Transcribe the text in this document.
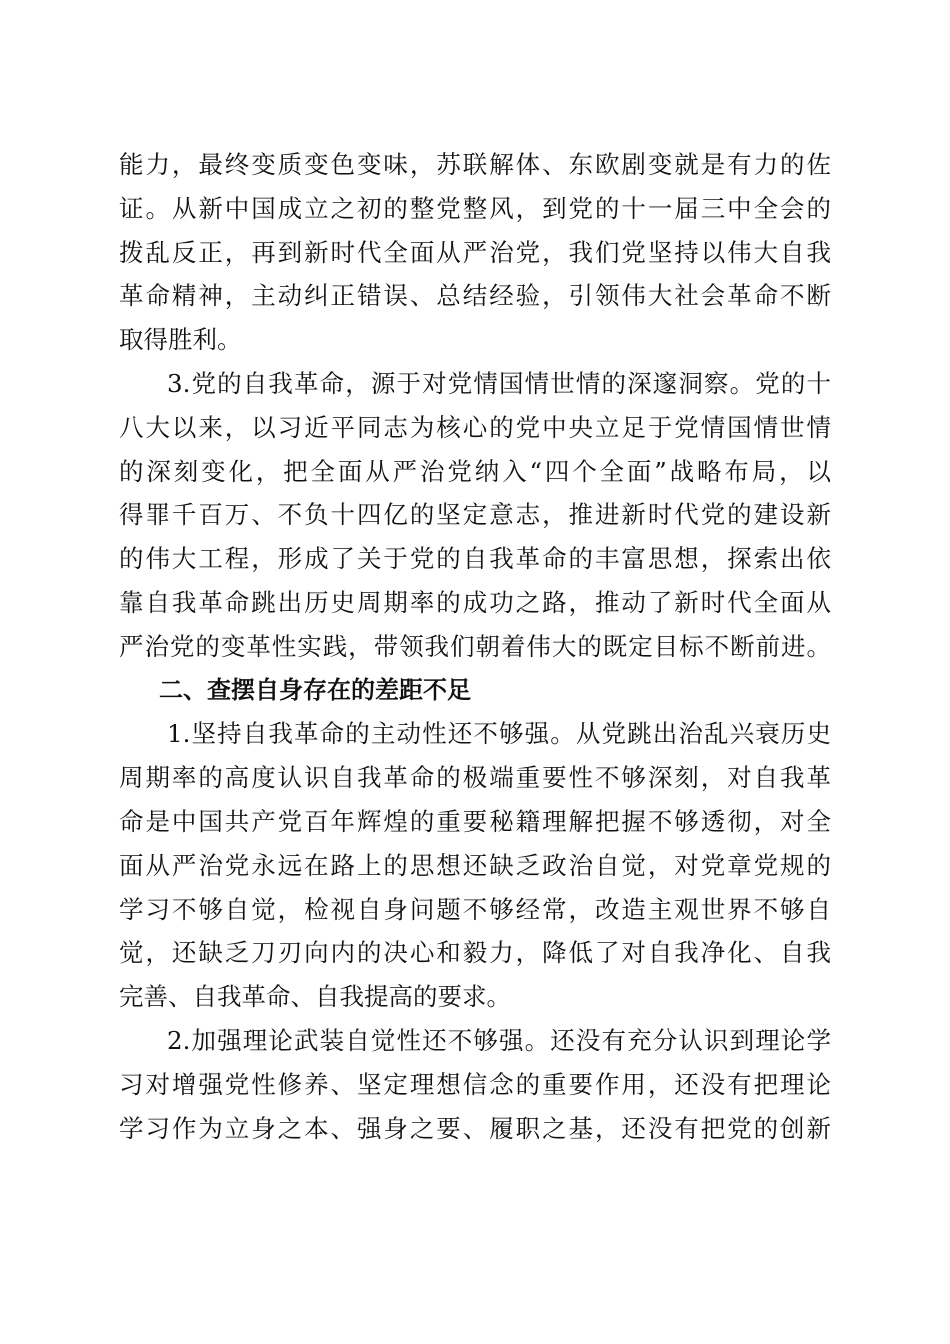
能力，最终变质变色变味，苏联解体、东欧剧变就是有力的佐
证。从新中国成立之初的整党整风，到党的十一届三中全会的
拨乱反正，再到新时代全面从严治党，我们党坚持以伟大自我
革命精神，主动纠正错误、总结经验，引领伟大社会革命不断
取得胜利。
3.党的自我革命，源于对党情国情世情的深邃洞察。党的十
八大以来，以习近平同志为核心的党中央立足于党情国情世情
的深刻变化，把全面从严治党纳入“四个全面”战略布局，以
得罪千百万、不负十四亿的坚定意志，推进新时代党的建设新
的伟大工程，形成了关于党的自我革命的丰富思想，探索出依
靠自我革命跳出历史周期率的成功之路，推动了新时代全面从
严治党的变革性实践，带领我们朝着伟大的既定目标不断前进。
二、查摆自身存在的差距不足
1.坚持自我革命的主动性还不够强。从党跳出治乱兴衰历史
周期率的高度认识自我革命的极端重要性不够深刻，对自我革
命是中国共产党百年辉煌的重要秘籍理解把握不够透彻，对全
面从严治党永远在路上的思想还缺乏政治自觉，对党章党规的
学习不够自觉，检视自身问题不够经常，改造主观世界不够自
觉，还缺乏刀刃向内的决心和毅力，降低了对自我净化、自我
完善、自我革命、自我提高的要求。
2.加强理论武装自觉性还不够强。还没有充分认识到理论学
习对增强党性修养、坚定理想信念的重要作用，还没有把理论
学习作为立身之本、强身之要、履职之基，还没有把党的创新
